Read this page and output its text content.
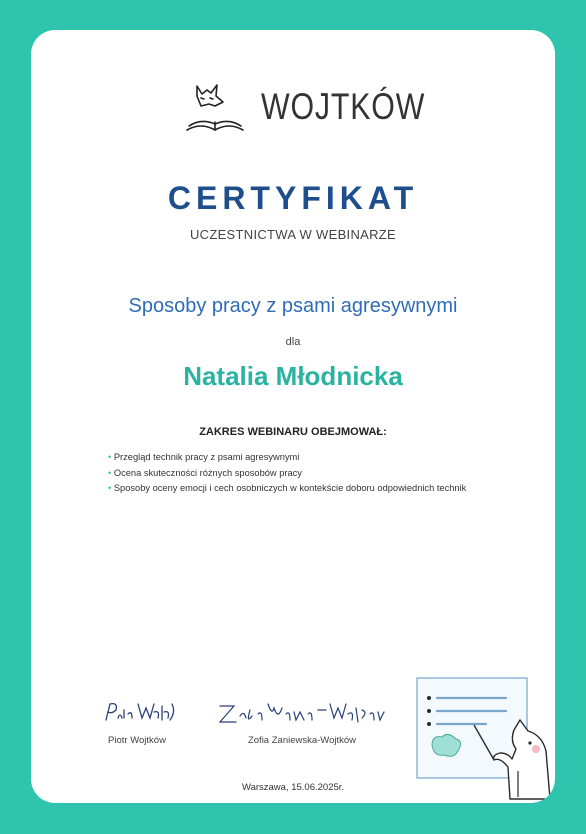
WOJTKÓW
CERTYFIKAT
UCZESTNICTWA W WEBINARZE
Sposoby pracy z psami agresywnymi
dla
Natalia Młodnicka
ZAKRES WEBINARU OBEJMOWAŁ:
• Przegląd technik pracy z psami agresywnymi
• Ocena skuteczności różnych sposobów pracy
• Sposoby oceny emocji i cech osobniczych w kontekście doboru odpowiednich technik
Piotr Wojtków	Zofia Zaniewska-Wojtków
Warszawa, 15.06.2025r.
